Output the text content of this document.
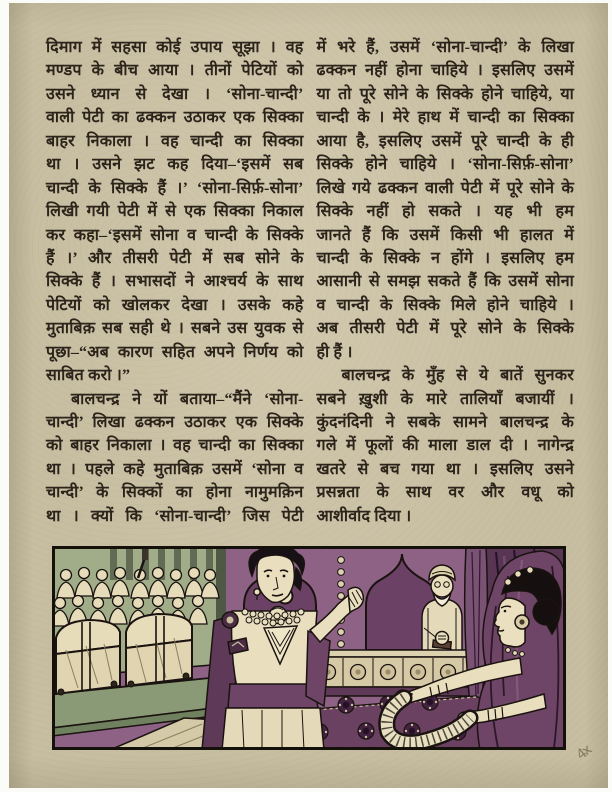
दिमाग में सहसा कोई उपाय सूझा । वह
मण्डप के बीच आया । तीनों पेटियों को
उसने ध्यान से देखा । ‘सोना-चान्दी’
वाली पेटी का ढक्कन उठाकर एक सिक्का
बाहर निकाला । वह चान्दी का सिक्का
था । उसने झट कह दिया–‘इसमें सब
चान्दी के सिक्के हैं ।’ ‘सोना-सिर्फ़-सोना’
लिखी गयी पेटी में से एक सिक्का निकाल
कर कहा–‘इसमें सोना व चान्दी के सिक्के
हैं ।’ और तीसरी पेटी में सब सोने के
सिक्के हैं । सभासदों ने आश्चर्य के साथ
पेटियों को खोलकर देखा । उसके कहे
मुताबिक़ सब सही थे । सबने उस युवक से
पूछा–“अब कारण सहित अपने निर्णय को
साबित करो ।”
बालचन्द्र ने यों बताया–“मैंने ‘सोना-
चान्दी’ लिखा ढक्कन उठाकर एक सिक्के
को बाहर निकाला । वह चान्दी का सिक्का
था । पहले कहे मुताबिक़ उसमें ‘सोना व
चान्दी’ के सिक्कों का होना नामुमक़िन
था । क्यों कि ‘सोना-चान्दी’ जिस पेटी
में भरे हैं, उसमें ‘सोना-चान्दी’ के लिखा
ढक्कन नहीं होना चाहिये । इसलिए उसमें
या तो पूरे सोने के सिक्के होने चाहिये, या
चान्दी के । मेरे हाथ में चान्दी का सिक्का
आया है, इसलिए उसमें पूरे चान्दी के ही
सिक्के होने चाहिये । ‘सोना-सिर्फ़-सोना’
लिखे गये ढक्कन वाली पेटी में पूरे सोने के
सिक्के नहीं हो सकते । यह भी हम
जानते हैं कि उसमें किसी भी हालत में
चान्दी के सिक्के न होंगे । इसलिए हम
आसानी से समझ सकते हैं कि उसमें सोना
व चान्दी के सिक्के मिले होने चाहिये ।
अब तीसरी पेटी में पूरे सोने के सिक्के
ही हैं ।
बालचन्द्र के मुँह से ये बातें सुनकर
सबने ख़ुशी के मारे तालियाँ बजायीं ।
कुंदनंदिनी ने सबके सामने बालचन्द्र के
गले में फूलों की माला डाल दी । नागेन्द्र
खतरे से बच गया था । इसलिए उसने
प्रसन्नता के साथ वर और वधू को
आशीर्वाद दिया ।
4x
